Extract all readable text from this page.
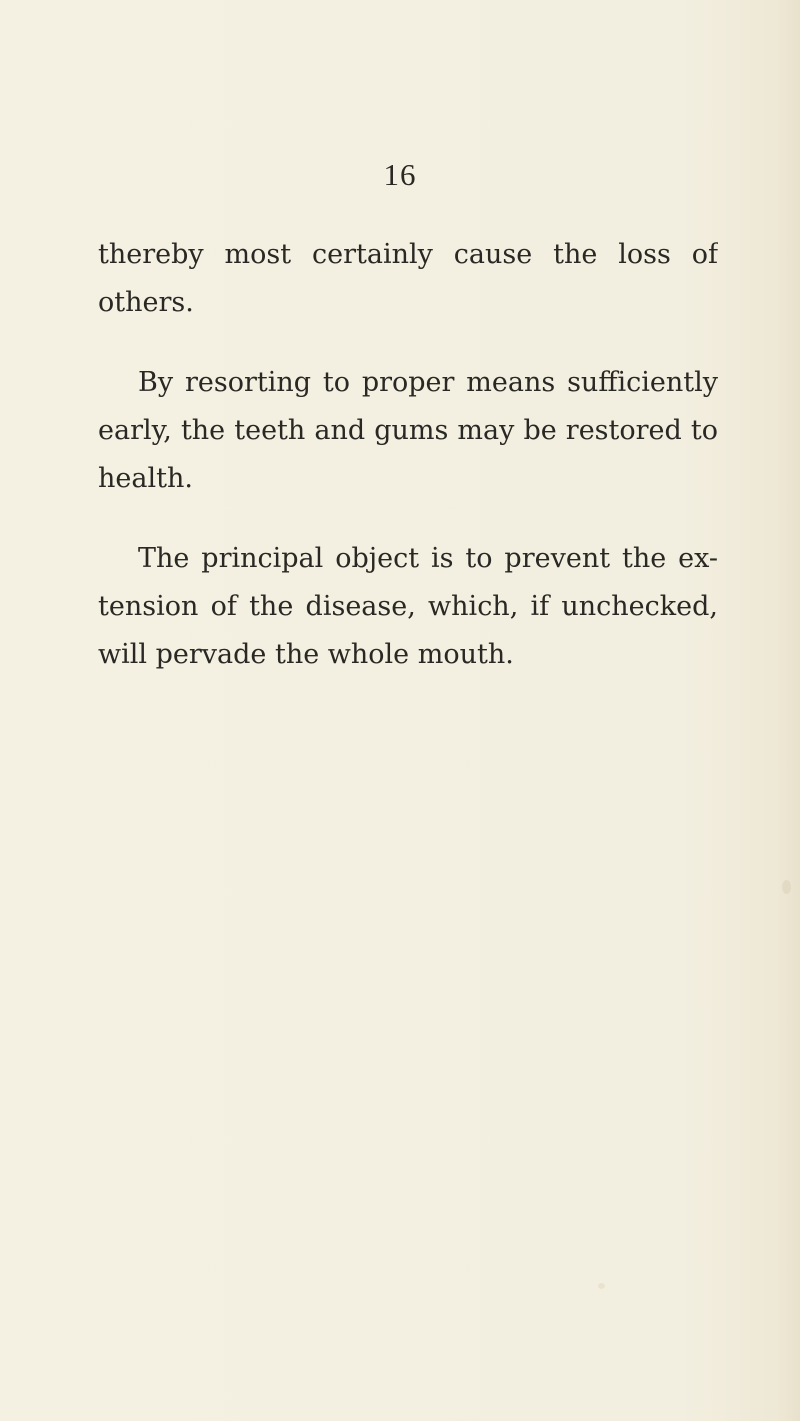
16
thereby most certainly cause the loss of
others.
By resorting to proper means sufficiently
early, the teeth and gums may be restored to
health.
The principal object is to prevent the ex-
tension of the disease, which, if unchecked,
will pervade the whole mouth.
